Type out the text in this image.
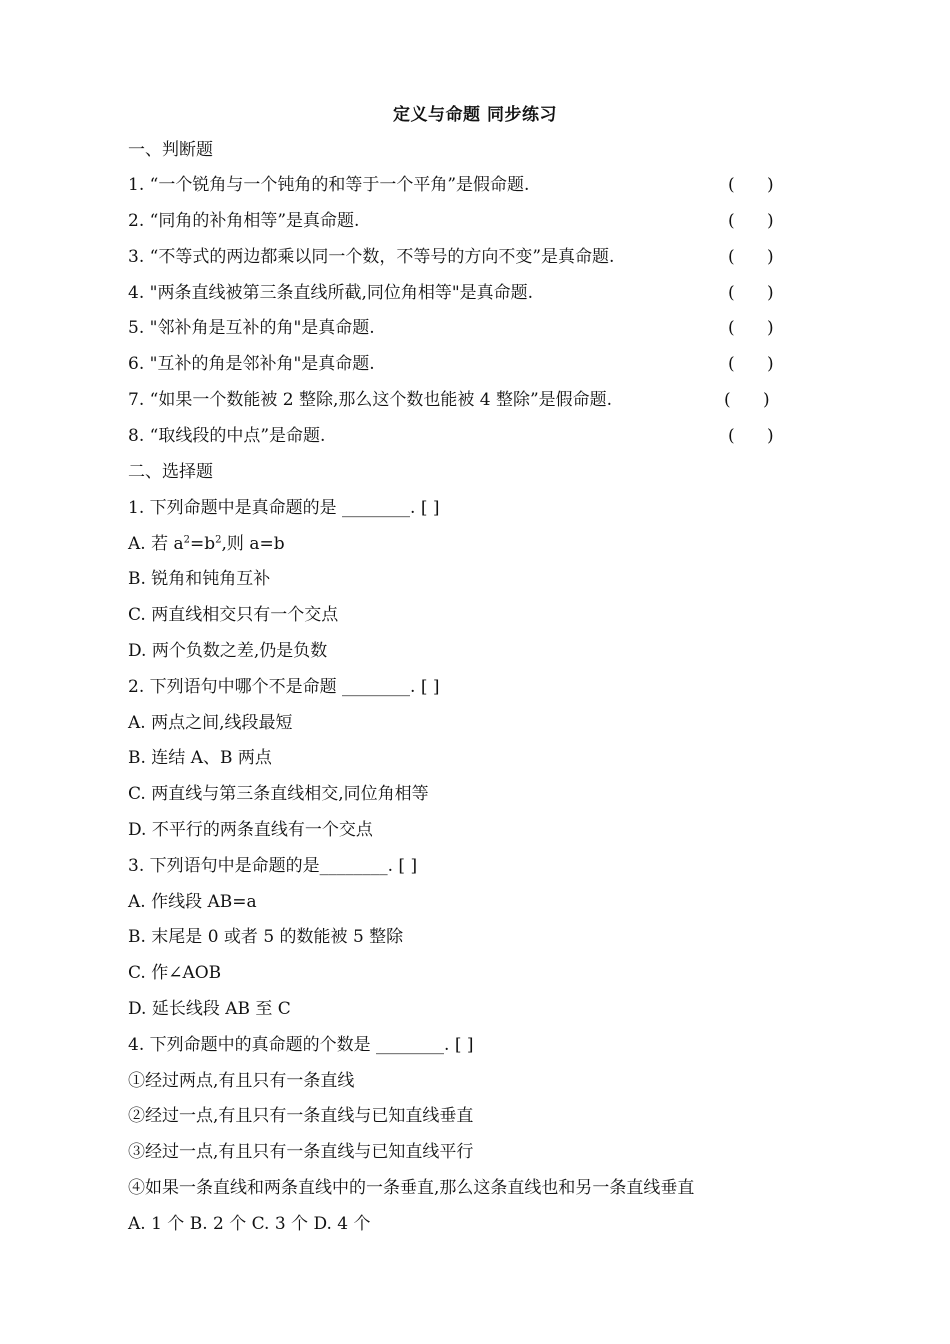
定义与命题 同步练习
一、判断题
1. “一个锐角与一个钝角的和等于一个平角”是假命题.	(      )
2. “同角的补角相等”是真命题.	(      )
3. “不等式的两边都乘以同一个数，不等号的方向不变”是真命题.	(      )
4. "两条直线被第三条直线所截,同位角相等"是真命题.	(      )
5. "邻补角是互补的角"是真命题.	(      )
6. "互补的角是邻补角"是真命题.	(      )
7. “如果一个数能被 2 整除,那么这个数也能被 4 整除”是假命题.	(      )
8. “取线段的中点”是命题.	(      )
二、选择题
1. 下列命题中是真命题的是 ________. [ ]
A. 若 $a^2=b^2$,则 a=b
B. 锐角和钝角互补
C. 两直线相交只有一个交点
D. 两个负数之差,仍是负数
2. 下列语句中哪个不是命题 ________. [ ]
A. 两点之间,线段最短
B. 连结 A、B 两点
C. 两直线与第三条直线相交,同位角相等
D. 不平行的两条直线有一个交点
3. 下列语句中是命题的是________. [ ]
A. 作线段 AB=a
B. 末尾是 0 或者 5 的数能被 5 整除
C. 作∠AOB
D. 延长线段 AB 至 C
4. 下列命题中的真命题的个数是 ________. [ ]
①经过两点,有且只有一条直线
②经过一点,有且只有一条直线与已知直线垂直
③经过一点,有且只有一条直线与已知直线平行
④如果一条直线和两条直线中的一条垂直,那么这条直线也和另一条直线垂直
A. 1 个 B. 2 个 C. 3 个 D. 4 个
